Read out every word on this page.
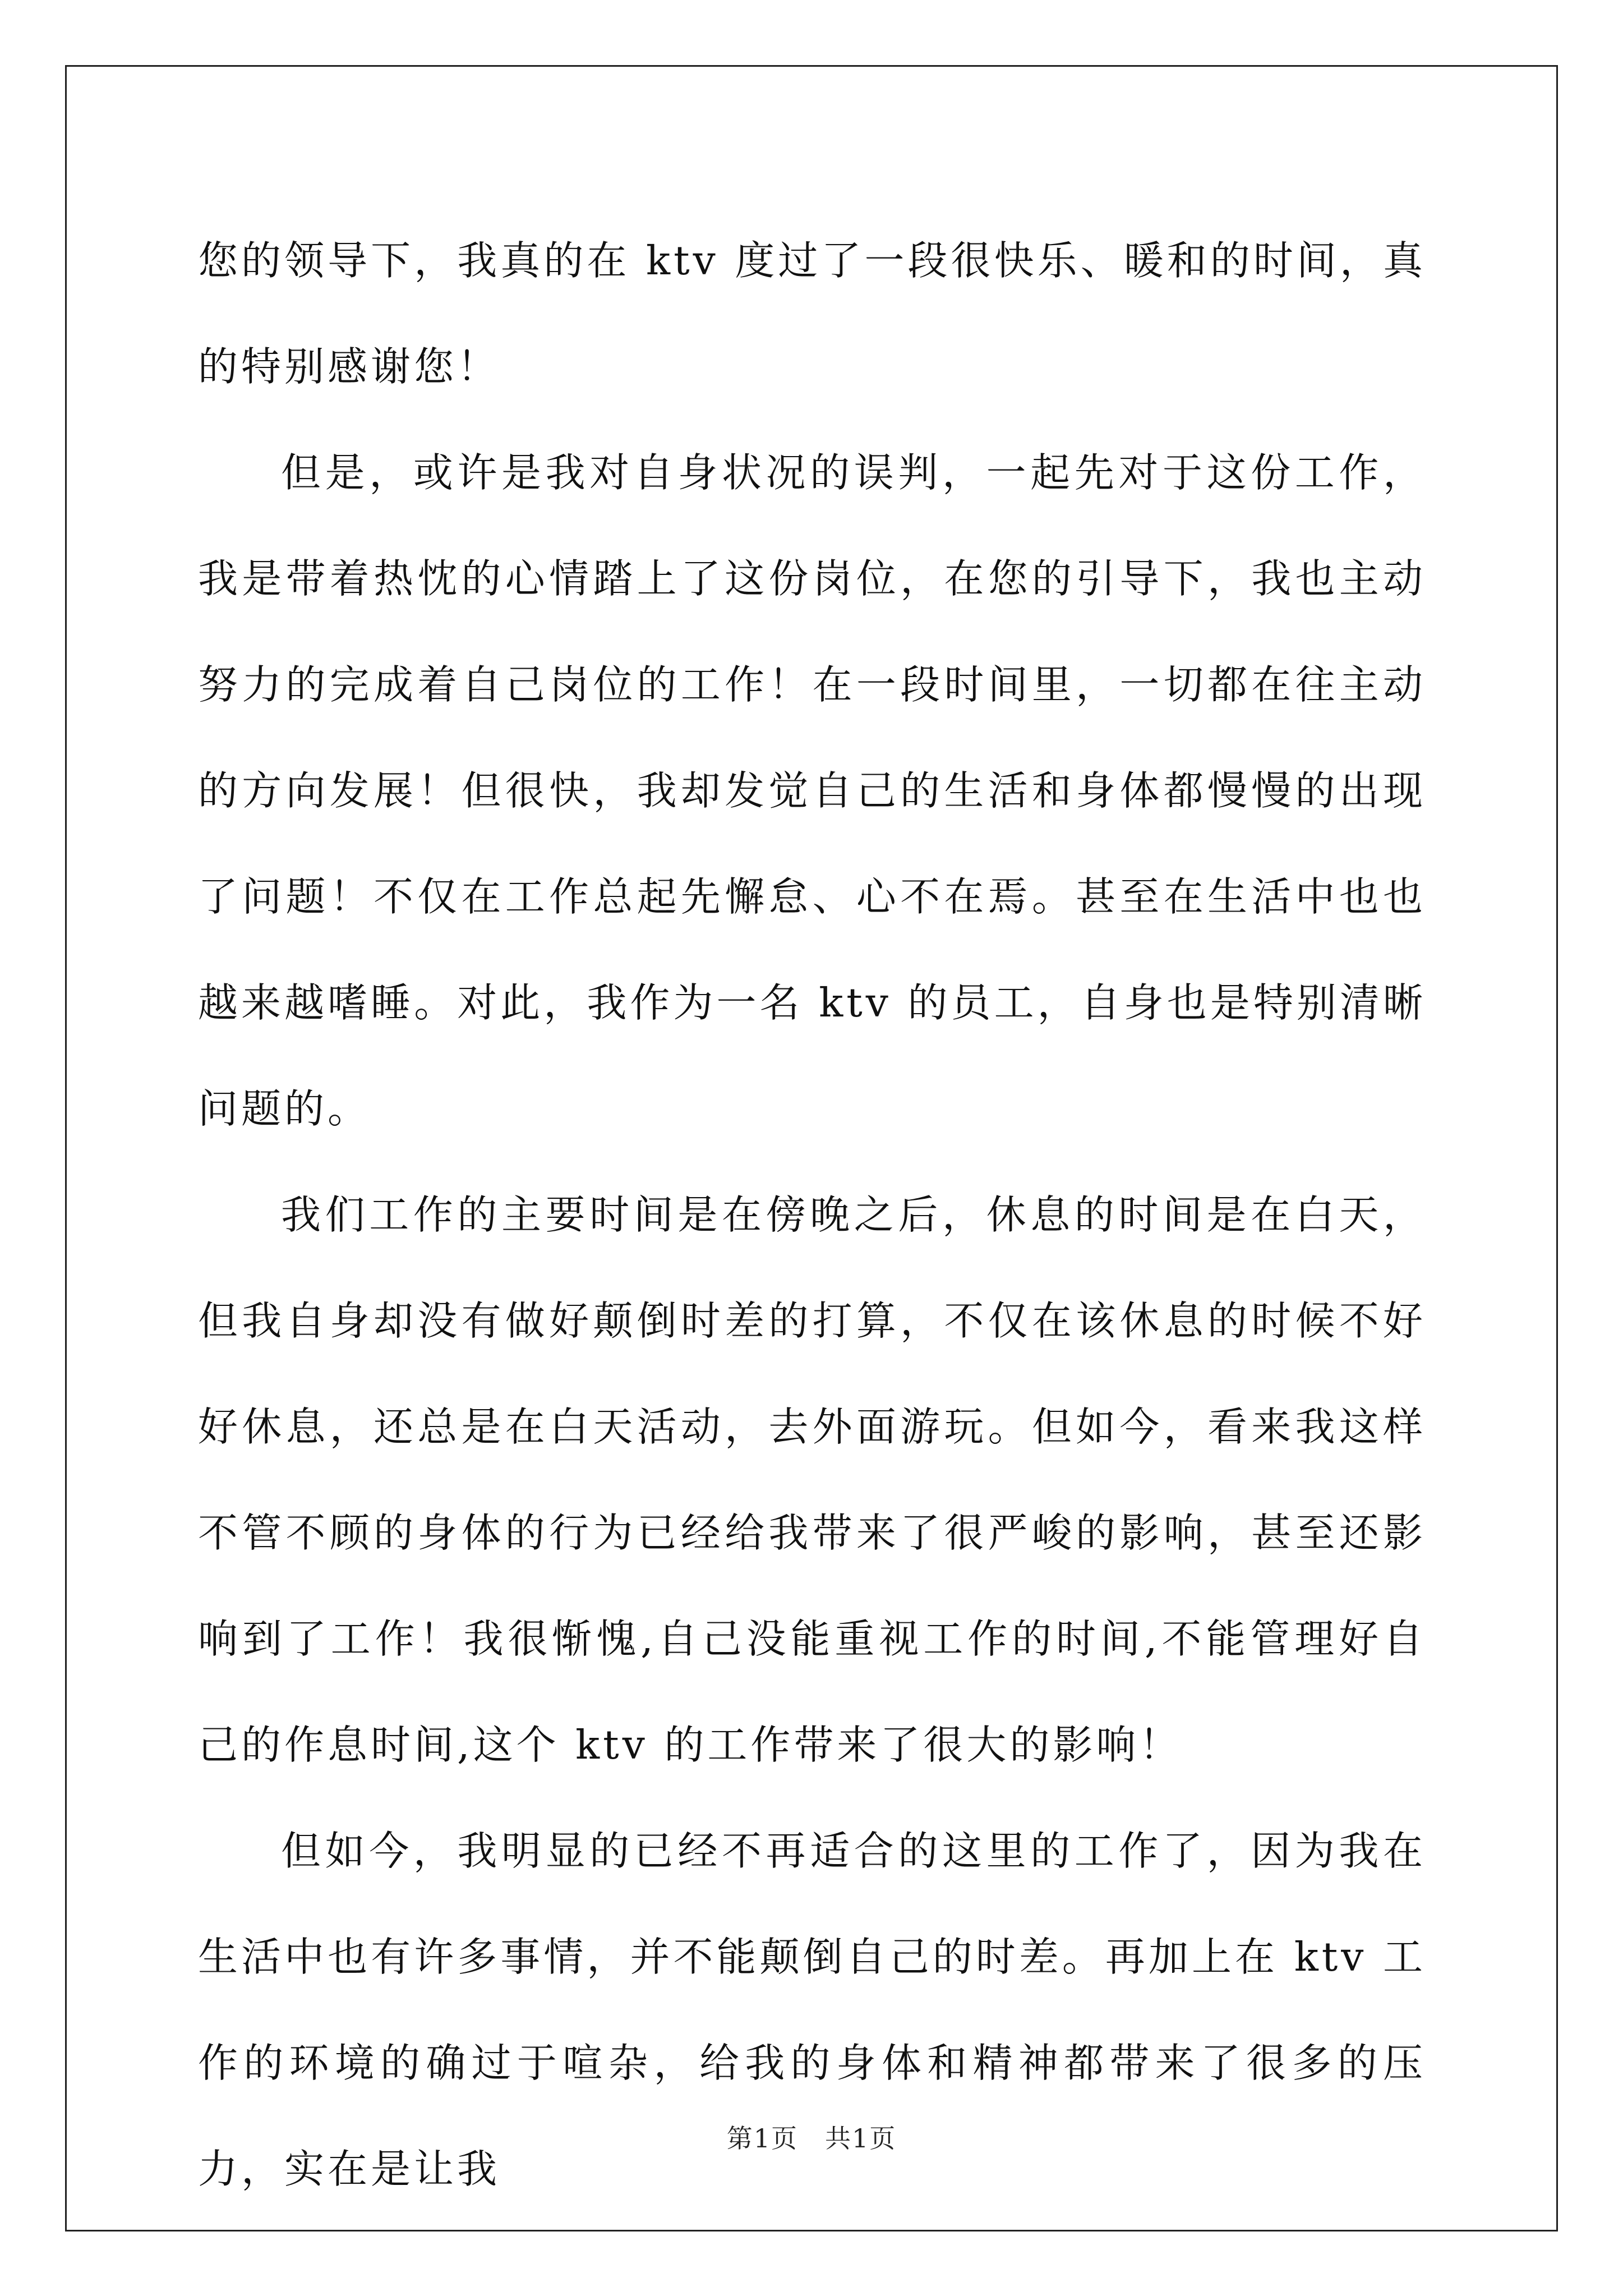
您的领导下，我真的在 ktv 度过了一段很快乐、暖和的时间，真的特别感谢您！

但是，或许是我对自身状况的误判，一起先对于这份工作，我是带着热忱的心情踏上了这份岗位，在您的引导下，我也主动努力的完成着自己岗位的工作！在一段时间里，一切都在往主动的方向发展！但很快，我却发觉自己的生活和身体都慢慢的出现了问题！不仅在工作总起先懈怠、心不在焉。甚至在生活中也也越来越嗜睡。对此，我作为一名 ktv 的员工，自身也是特别清晰问题的。

我们工作的主要时间是在傍晚之后，休息的时间是在白天，但我自身却没有做好颠倒时差的打算，不仅在该休息的时候不好好休息，还总是在白天活动，去外面游玩。但如今，看来我这样不管不顾的身体的行为已经给我带来了很严峻的影响，甚至还影响到了工作！我很惭愧,自己没能重视工作的时间,不能管理好自己的作息时间,这个 ktv 的工作带来了很大的影响！

但如今，我明显的已经不再适合的这里的工作了，因为我在生活中也有许多事情，并不能颠倒自己的时差。再加上在 ktv 工作的环境的确过于喧杂，给我的身体和精神都带来了很多的压力，实在是让我

第1页　共1页
